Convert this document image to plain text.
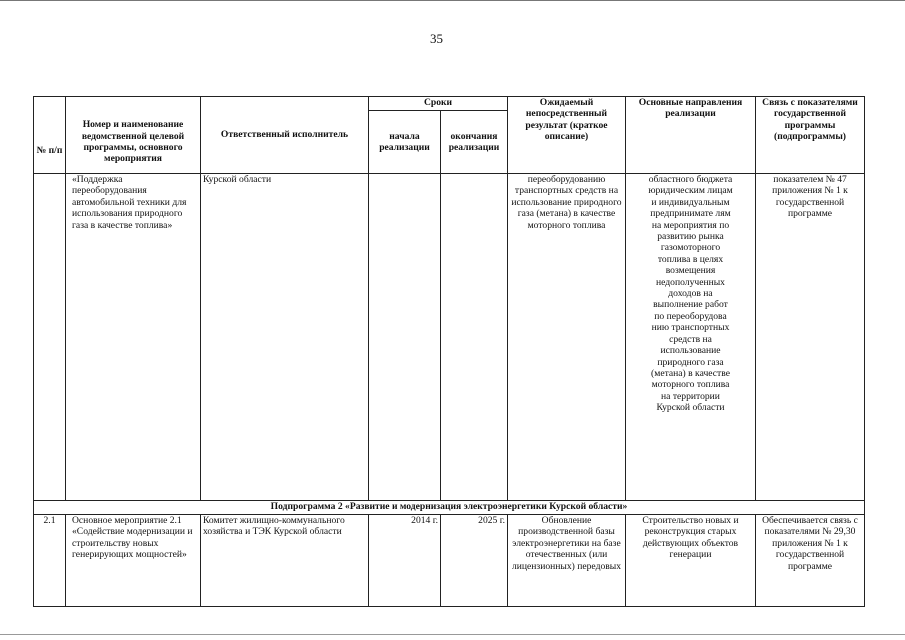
35
№ п/п	Номер и наименование ведомственной целевой программы, основного мероприятия	Ответственный исполнитель	Сроки		Ожидаемый непосредственный результат (краткое описание)	Основные направления реализации	Связь с показателями государственной программы (подпрограммы)
			начала реализации	окончания реализации			
	«Поддержка переоборудования автомобильной техники для использования природного газа в качестве топлива»	Курской области			переоборудованию транспортных средств на использование природного газа (метана) в качестве моторного топлива	областного бюджета юридическим лицам и индивидуальным предпринимате лям на мероприятия по развитию рынка газомоторного топлива в целях возмещения недополученных доходов на выполнение работ по переоборудова нию транспортных средств на использование природного газа (метана) в качестве моторного топлива на территории Курской области	показателем № 47 приложения № 1 к государственной программе
Подпрограмма 2 «Развитие и модернизация электроэнергетики Курской области»							
2.1	Основное мероприятие 2.1 «Содействие модернизации и строительству новых генерирующих мощностей»	Комитет жилищно-коммунального хозяйства и ТЭК Курской области	2014 г.	2025 г.	Обновление производственной базы электроэнергетики на базе отечественных (или лицензионных) передовых	Строительство новых и реконструкция старых действующих объектов генерации	Обеспечивается связь с показателями № 29,30 приложения № 1 к государственной программе
